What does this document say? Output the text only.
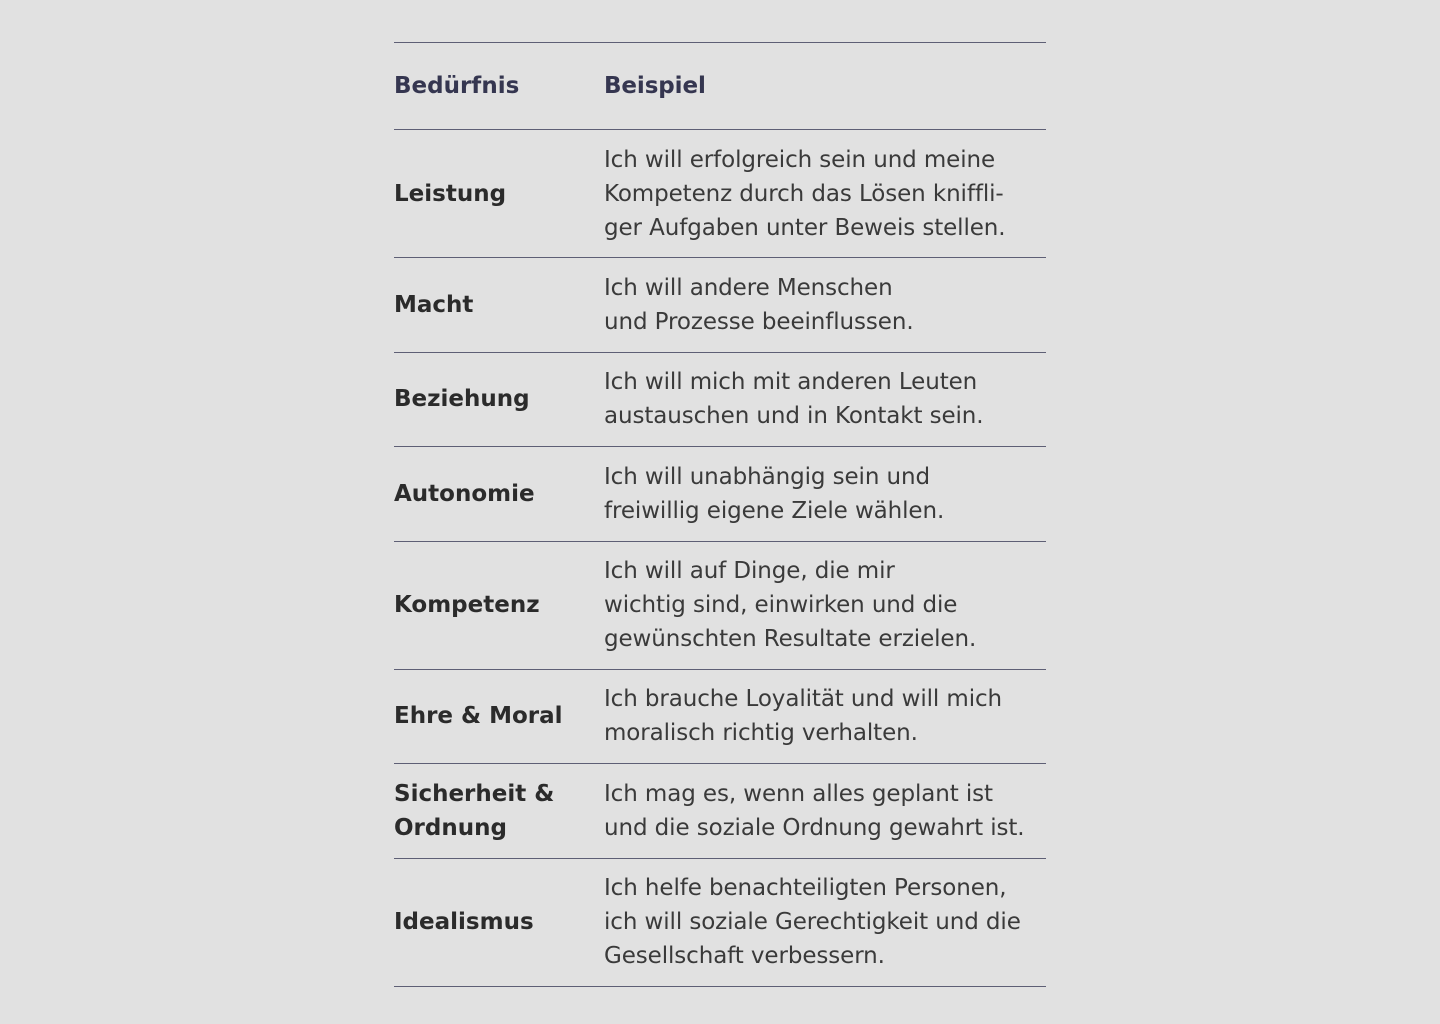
Bedürfnis	Beispiel
Leistung
Ich will erfolgreich sein und meine
Kompetenz durch das Lösen kniffli-
ger Aufgaben unter Beweis stellen.
Macht
Ich will andere Menschen
und Prozesse beeinflussen.
Beziehung
Ich will mich mit anderen Leuten
austauschen und in Kontakt sein.
Autonomie
Ich will unabhängig sein und
freiwillig eigene Ziele wählen.
Kompetenz
Ich will auf Dinge, die mir
wichtig sind, einwirken und die
gewünschten Resultate erzielen.
Ehre & Moral
Ich brauche Loyalität und will mich
moralisch richtig verhalten.
Sicherheit &
Ordnung
Ich mag es, wenn alles geplant ist
und die soziale Ordnung gewahrt ist.
Idealismus
Ich helfe benachteiligten Personen,
ich will soziale Gerechtigkeit und die
Gesellschaft verbessern.
